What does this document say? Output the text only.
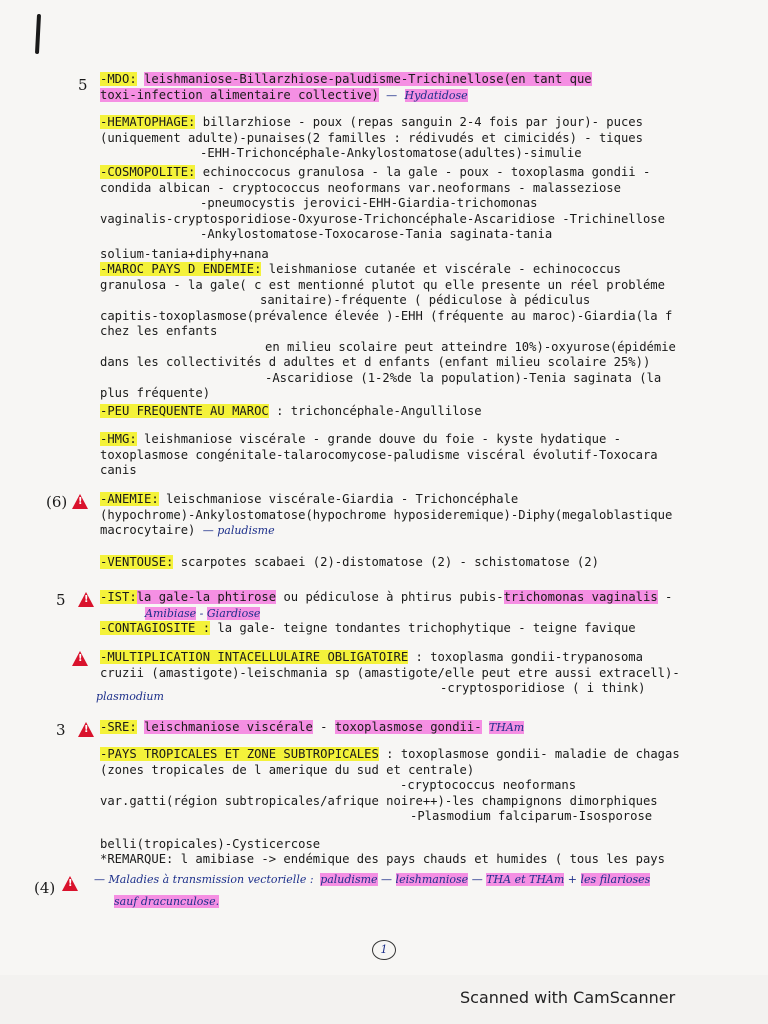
5 -MDO: leishmaniose-Billarzhiose-paludisme-Trichinellose(en tant que
toxi-infection alimentaire collective) — Hydatidose
-HEMATOPHAGE: billarzhiose - poux (repas sanguin 2-4 fois par jour)- puces
(uniquement adulte)-punaises(2 familles : rédivudés et cimicidés) - tiques
-EHH-Trichoncéphale-Ankylostomatose(adultes)-simulie
-COSMOPOLITE: echinoccocus granulosa - la gale - poux - toxoplasma gondii -
condida albican - cryptococcus neoformans var.neoformans - malasseziose
-pneumocystis jerovici-EHH-Giardia-trichomonas
vaginalis-cryptosporidiose-Oxyurose-Trichoncéphale-Ascaridiose -Trichinellose
-Ankylostomatose-Toxocarose-Tania saginata-tania
solium-tania+diphy+nana
-MAROC PAYS D ENDEMIE: leishmaniose cutanée et viscérale - echinococcus
granulosa - la gale( c est mentionné plutot qu elle presente un réel probléme
sanitaire)-fréquente ( pédiculose à pédiculus
capitis-toxoplasmose(prévalence élevée )-EHH (fréquente au maroc)-Giardia(la f
chez les enfants
en milieu scolaire peut atteindre 10%)-oxyurose(épidémie
dans les collectivités d adultes et d enfants (enfant milieu scolaire 25%))
-Ascaridiose (1-2%de la population)-Tenia saginata (la
plus fréquente)
-PEU FREQUENTE AU MAROC : trichoncéphale-Angullilose
-HMG: leishmaniose viscérale - grande douve du foie - kyste hydatique -
toxoplasmose congénitale-talarocomycose-paludisme viscéral évolutif-Toxocara
canis
(6) !	-ANEMIE: leischmaniose viscérale-Giardia - Trichoncéphale
(hypochrome)-Ankylostomatose(hypochrome hyposideremique)-Diphy(megaloblastique
macrocytaire) — paludisme
-VENTOUSE: scarpotes scabaei (2)-distomatose (2) - schistomatose (2)
5 !	-IST:la gale-la phtirose ou pédiculose à phtirus pubis-trichomonas vaginalis -
Amibiase - Giardiose
-CONTAGIOSITE : la gale- teigne tondantes trichophytique - teigne favique
!
-MULTIPLICATION INTACELLULAIRE OBLIGATOIRE : toxoplasma gondii-trypanosoma
cruzii (amastigote)-leischmania sp (amastigote/elle peut etre aussi extracell)-
-cryptosporidiose ( i think)
plasmodium
3 !	-SRE: leischmaniose viscérale - toxoplasmose gondii- THAm
-PAYS TROPICALES ET ZONE SUBTROPICALES : toxoplasmose gondii- maladie de chagas
(zones tropicales de l amerique du sud et centrale)
-cryptococcus neoformans
var.gatti(région subtropicales/afrique noire++)-les champignons dimorphiques
-Plasmodium falciparum-Isosporose
belli(tropicales)-Cysticercose
*REMARQUE: l amibiase -> endémique des pays chauds et humides ( tous les pays
(4) !	— Maladies à transmission vectorielle : paludisme — leishmaniose — THA et THAm + les filarioses
sauf dracunculose.
1
Scanned with CamScanner
